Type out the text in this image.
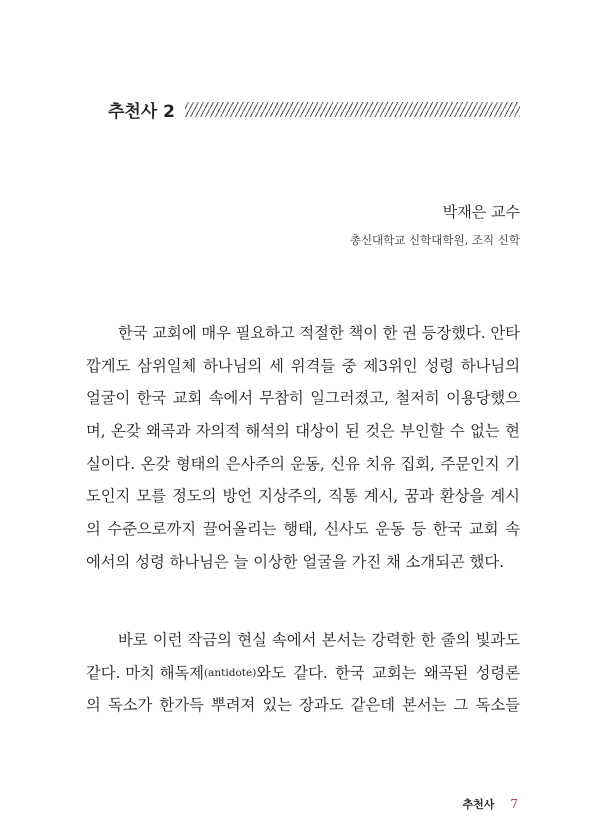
추천사 2
박재은 교수
총신대학교 신학대학원, 조직 신학
한국 교회에 매우 필요하고 적절한 책이 한 권 등장했다. 안타
깝게도 삼위일체 하나님의 세 위격들 중 제3위인 성령 하나님의
얼굴이 한국 교회 속에서 무참히 일그러졌고, 철저히 이용당했으
며, 온갖 왜곡과 자의적 해석의 대상이 된 것은 부인할 수 없는 현
실이다. 온갖 형태의 은사주의 운동, 신유 치유 집회, 주문인지 기
도인지 모를 정도의 방언 지상주의, 직통 계시, 꿈과 환상을 계시
의 수준으로까지 끌어올리는 행태, 신사도 운동 등 한국 교회 속
에서의 성령 하나님은 늘 이상한 얼굴을 가진 채 소개되곤 했다.
바로 이런 작금의 현실 속에서 본서는 강력한 한 줄의 빛과도
같다. 마치 해독제 (antidote) 와도 같다. 한국 교회는 왜곡된 성령론
의 독소가 한가득 뿌려져 있는 장과도 같은데 본서는 그 독소들
추천사 7
